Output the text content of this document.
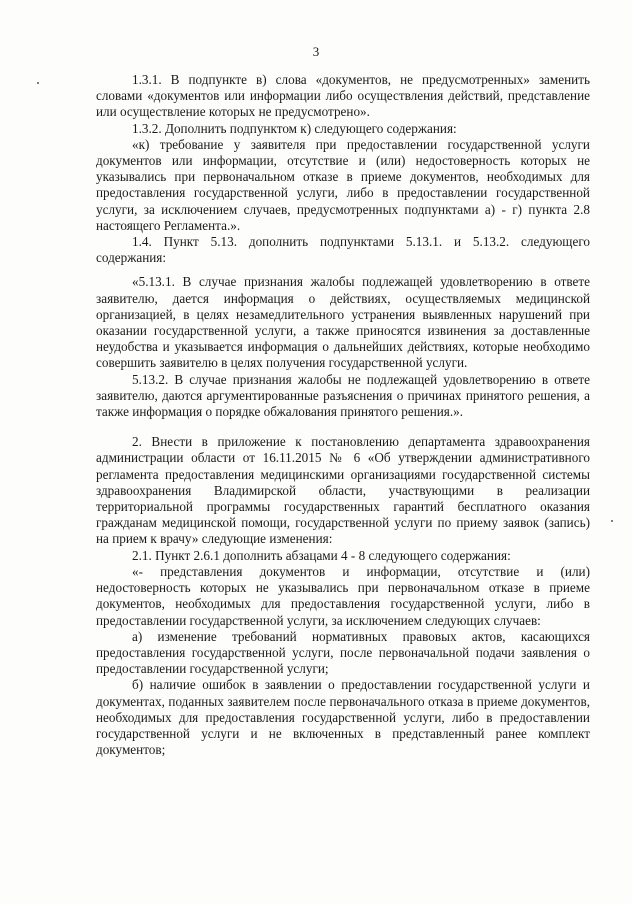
3

1.3.1. В подпункте в) слова «документов, не предусмотренных» заменить словами «документов или информации либо осуществления действий, представление или осуществление которых не предусмотрено».

1.3.2. Дополнить подпунктом к) следующего содержания:

«к) требование у заявителя при предоставлении государственной услуги документов или информации, отсутствие и (или) недостоверность которых не указывались при первоначальном отказе в приеме документов, необходимых для предоставления государственной услуги, либо в предоставлении государственной услуги, за исключением случаев, предусмотренных подпунктами а) - г) пункта 2.8 настоящего Регламента.».

1.4. Пункт 5.13. дополнить подпунктами 5.13.1. и 5.13.2. следующего содержания:

«5.13.1. В случае признания жалобы подлежащей удовлетворению в ответе заявителю, дается информация о действиях, осуществляемых медицинской организацией, в целях незамедлительного устранения выявленных нарушений при оказании государственной услуги, а также приносятся извинения за доставленные неудобства и указывается информация о дальнейших действиях, которые необходимо совершить заявителю в целях получения государственной услуги.

5.13.2. В случае признания жалобы не подлежащей удовлетворению в ответе заявителю, даются аргументированные разъяснения о причинах принятого решения, а также информация о порядке обжалования принятого решения.».

2. Внести в приложение к постановлению департамента здравоохранения администрации области от 16.11.2015 № 6 «Об утверждении административного регламента предоставления медицинскими организациями государственной системы здравоохранения Владимирской области, участвующими в реализации территориальной программы государственных гарантий бесплатного оказания гражданам медицинской помощи, государственной услуги по приему заявок (запись) на прием к врачу» следующие изменения:

2.1. Пункт 2.6.1 дополнить абзацами 4 - 8 следующего содержания:

«- представления документов и информации, отсутствие и (или) недостоверность которых не указывались при первоначальном отказе в приеме документов, необходимых для предоставления государственной услуги, либо в предоставлении государственной услуги, за исключением следующих случаев:

а) изменение требований нормативных правовых актов, касающихся предоставления государственной услуги, после первоначальной подачи заявления о предоставлении государственной услуги;

б) наличие ошибок в заявлении о предоставлении государственной услуги и документах, поданных заявителем после первоначального отказа в приеме документов, необходимых для предоставления государственной услуги, либо в предоставлении государственной услуги и не включенных в представленный ранее комплект документов;
